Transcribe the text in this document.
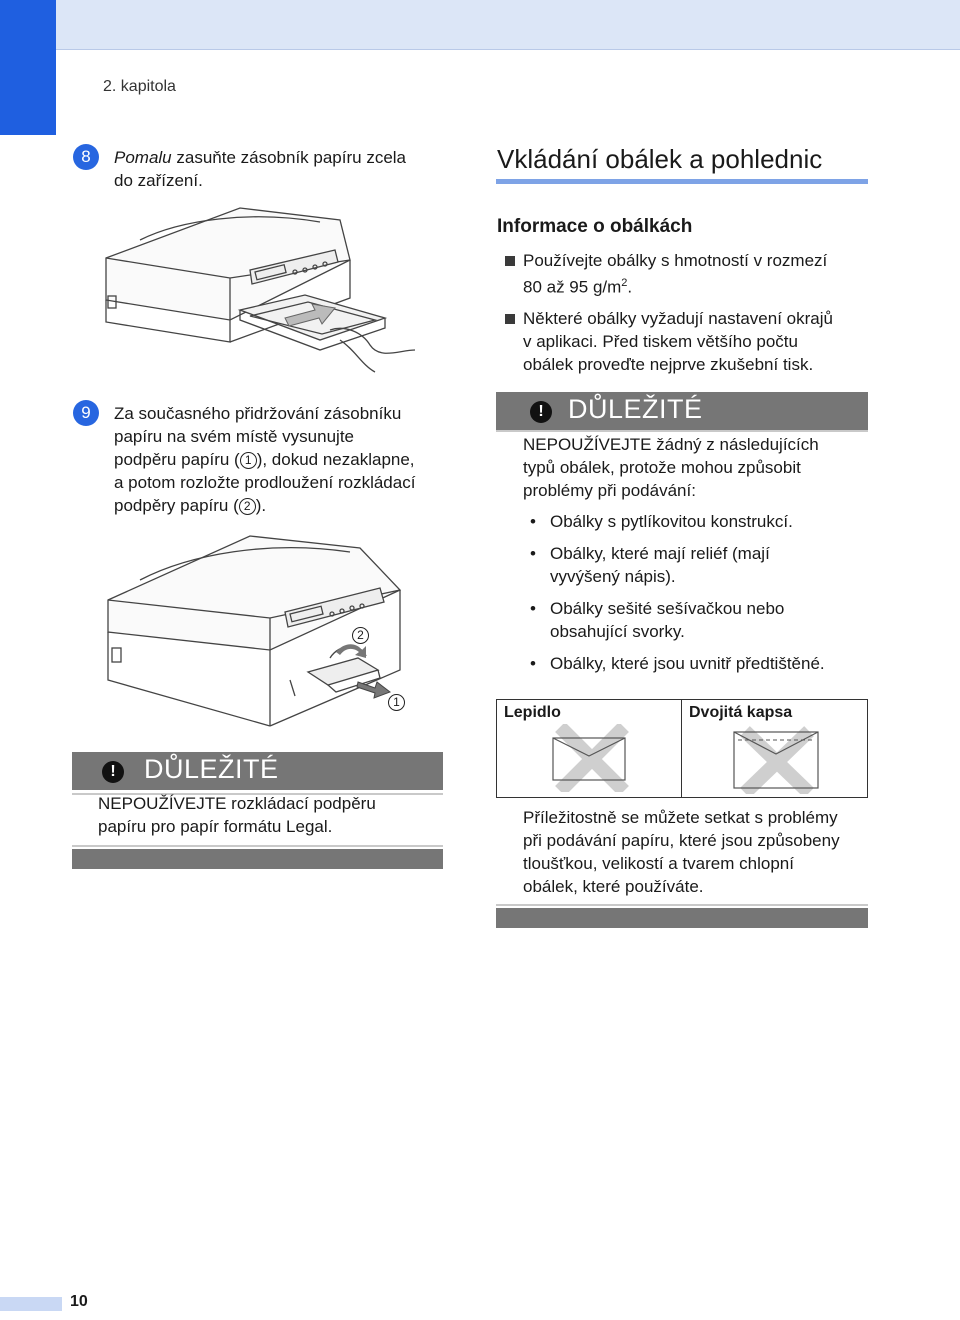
2. kapitola
8	Pomalu zasuňte zásobník papíru zcela
do zařízení.
9	Za současného přidržování zásobníku
papíru na svém místě vysunujte
podpěru papíru ( 1 ), dokud nezaklapne,
a potom rozložte prodloužení rozkládací
podpěry papíru ( 2 ).
2
1
!	DŮLEŽITÉ
NEPOUŽÍVEJTE rozkládací podpěru
papíru pro papír formátu Legal.
Vkládání obálek a pohlednic
Informace o obálkách
Používejte obálky s hmotností v rozmezí
80 až 95 $g/m^2$.
Některé obálky vyžadují nastavení okrajů
v aplikaci. Před tiskem většího počtu
obálek proveďte nejprve zkušební tisk.
! DŮLEŽITÉ
NEPOUŽÍVEJTE žádný z následujících
typů obálek, protože mohou způsobit
problémy při podávání:
• Obálky s pytlíkovitou konstrukcí.
• Obálky, které mají reliéf (mají
vyvýšený nápis).
• Obálky sešité sešívačkou nebo
obsahující svorky.
• Obálky, které jsou uvnitř předtištěné.
Lepidlo	Dvojitá kapsa
Příležitostně se můžete setkat s problémy
při podávání papíru, které jsou způsobeny
tloušťkou, velikostí a tvarem chlopní
obálek, které používáte.
10
